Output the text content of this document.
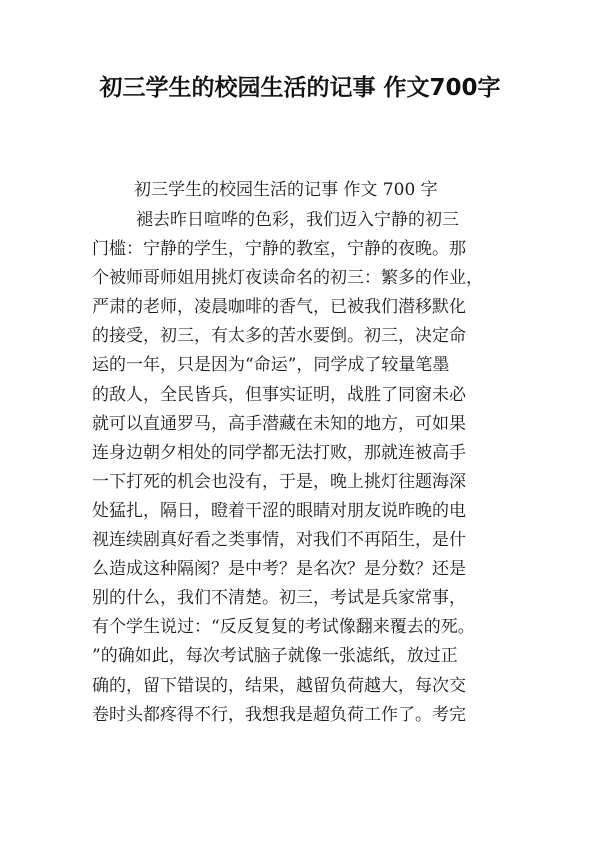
初三学生的校园生活的记事 作文700字

初三学生的校园生活的记事 作文 700 字

褪去昨日喧哗的色彩，我们迈入宁静的初三
门槛：宁静的学生，宁静的教室，宁静的夜晚。那
个被师哥师姐用挑灯夜读命名的初三：繁多的作业，
严肃的老师，凌晨咖啡的香气，已被我们潜移默化
的接受，初三，有太多的苦水要倒。初三，决定命
运的一年，只是因为“命运”，同学成了较量笔墨
的敌人，全民皆兵，但事实证明，战胜了同窗未必
就可以直通罗马，高手潜藏在未知的地方，可如果
连身边朝夕相处的同学都无法打败，那就连被高手
一下打死的机会也没有，于是，晚上挑灯往题海深
处猛扎，隔日，瞪着干涩的眼睛对朋友说昨晚的电
视连续剧真好看之类事情，对我们不再陌生，是什
么造成这种隔阂？是中考？是名次？是分数？还是
别的什么，我们不清楚。初三，考试是兵家常事，
有个学生说过：“反反复复的考试像翻来覆去的死。
”的确如此，每次考试脑子就像一张滤纸，放过正
确的，留下错误的，结果，越留负荷越大，每次交
卷时头都疼得不行，我想我是超负荷工作了。考完
